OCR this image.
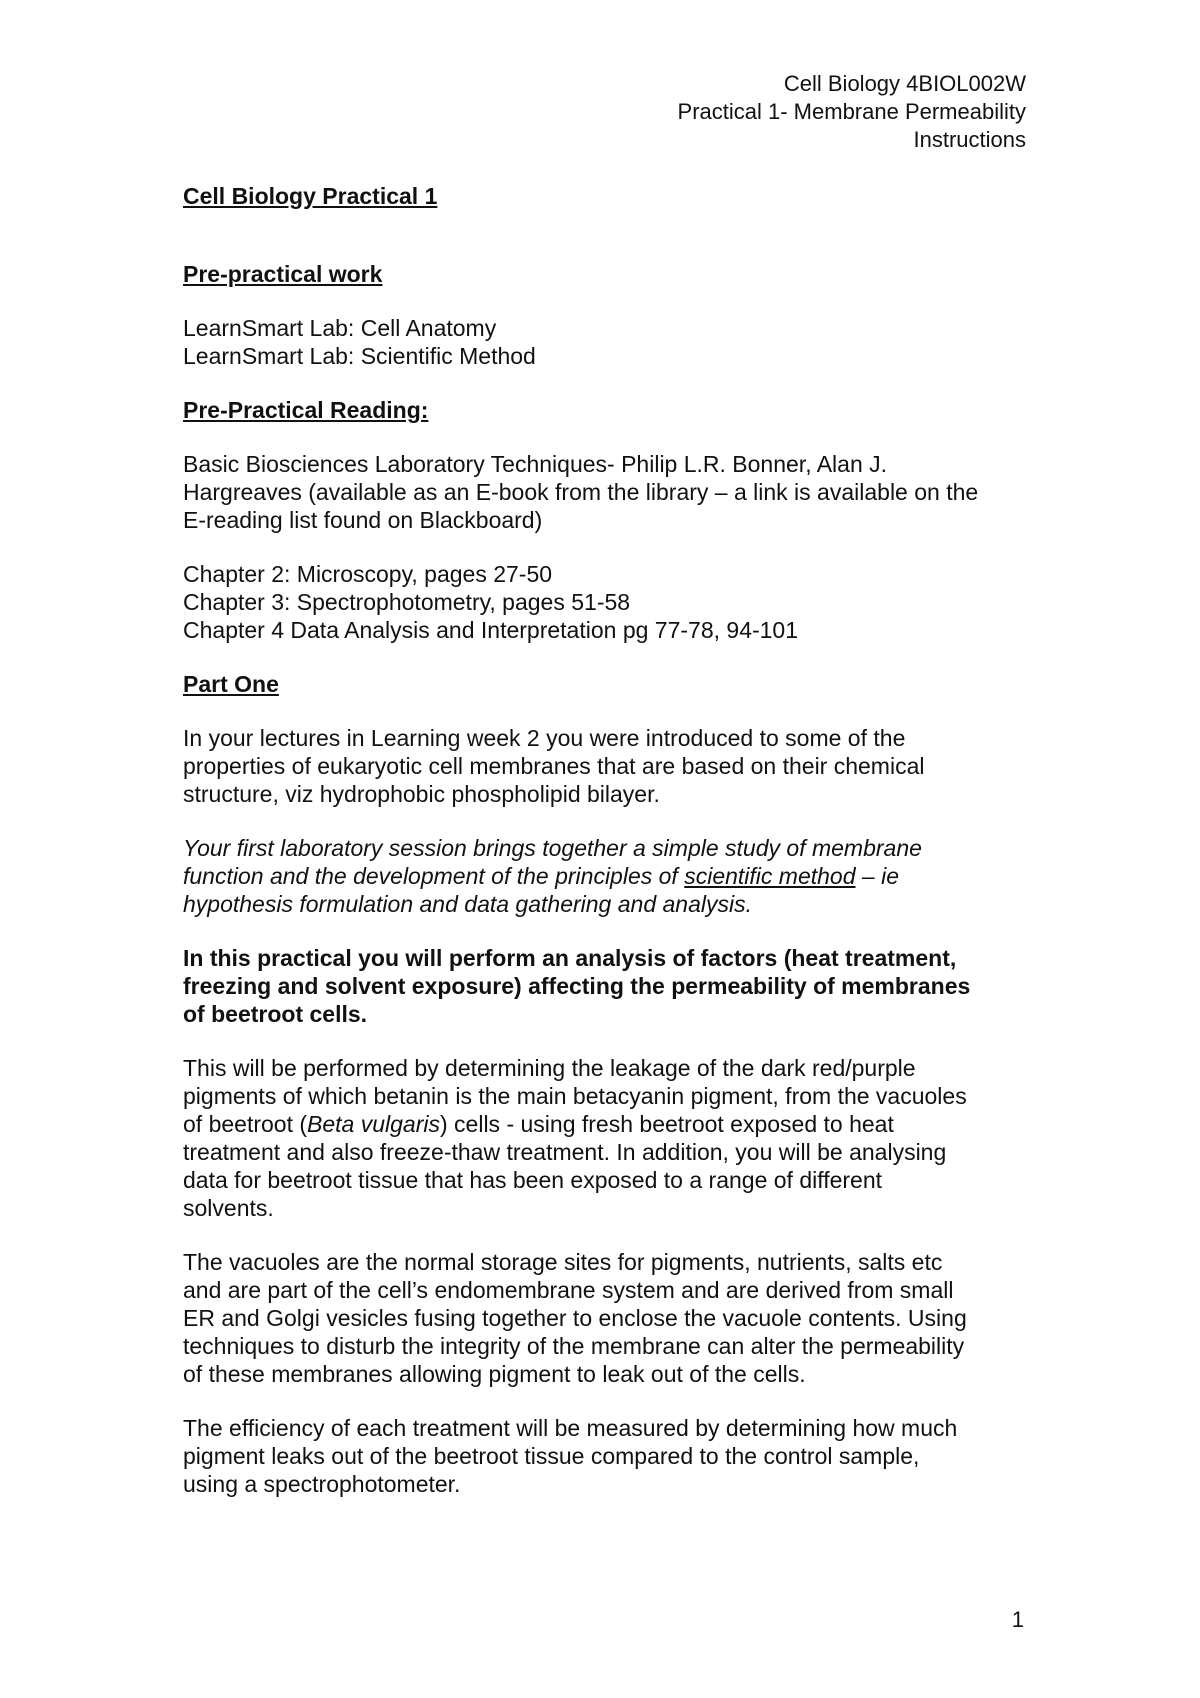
Cell Biology 4BIOL002W
Practical 1- Membrane Permeability
Instructions

Cell Biology Practical 1

Pre-practical work

LearnSmart Lab: Cell Anatomy

LearnSmart Lab: Scientific Method

Pre-Practical Reading:

Basic Biosciences Laboratory Techniques- Philip L.R. Bonner, Alan J.

Hargreaves (available as an E-book from the library – a link is available on the

E-reading list found on Blackboard)

Chapter 2: Microscopy, pages 27-50

Chapter 3: Spectrophotometry, pages 51-58

Chapter 4 Data Analysis and Interpretation pg 77-78, 94-101

Part One

In your lectures in Learning week 2 you were introduced to some of the

properties of eukaryotic cell membranes that are based on their chemical

structure, viz hydrophobic phospholipid bilayer.

Your first laboratory session brings together a simple study of membrane

function and the development of the principles of scientific method – ie

hypothesis formulation and data gathering and analysis.

In this practical you will perform an analysis of factors (heat treatment,

freezing and solvent exposure) affecting the permeability of membranes

of beetroot cells.

This will be performed by determining the leakage of the dark red/purple

pigments of which betanin is the main betacyanin pigment, from the vacuoles

of beetroot (Beta vulgaris) cells - using fresh beetroot exposed to heat

treatment and also freeze-thaw treatment. In addition, you will be analysing

data for beetroot tissue that has been exposed to a range of different

solvents.

The vacuoles are the normal storage sites for pigments, nutrients, salts etc

and are part of the cell’s endomembrane system and are derived from small

ER and Golgi vesicles fusing together to enclose the vacuole contents. Using

techniques to disturb the integrity of the membrane can alter the permeability

of these membranes allowing pigment to leak out of the cells.

The efficiency of each treatment will be measured by determining how much

pigment leaks out of the beetroot tissue compared to the control sample,

using a spectrophotometer.

1
